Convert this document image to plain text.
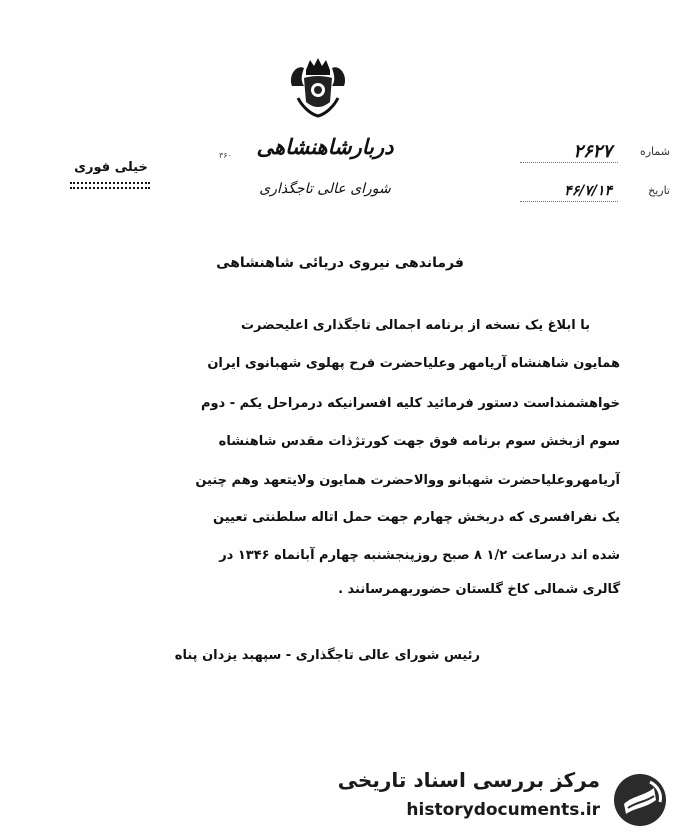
۳۶۰	دربارشاهنشاهی
شورای عالی تاجگذاری
خیلی فوری
شماره
۲۶۲۷
تاریخ
۴۶/۷/۱۴
فرماندهی نیروی دریائی شاهنشاهی
با ابلاغ یک نسخه از برنامه اجمالی تاجگذاری اعلیحضرت
همایون شاهنشاه آریامهر وعلیاحضرت فرح پهلوی شهبانوی ایران
خواهشمنداست دستور فرمائید کلیه افسرانیکه درمراحل یکم - دوم
سوم ازبخش سوم برنامه فوق جهت کورتژذات مقدس شاهنشاه
آریامهروعلیاحضرت شهبانو ووالاحضرت همایون ولایتعهد وهم چنین
یک نفرافسری که دربخش چهارم جهت حمل اتاله سلطنتی تعیین
شده اند درساعت ۱/۲ ۸ صبح روزپنجشنبه چهارم آبانماه ۱۳۴۶ در
گالری شمالی کاخ گلستان حضوربهمرسانند .
رئیس شورای عالی تاجگذاری - سپهبد یزدان پناه
مرکز بررسی اسناد تاریخی
historydocuments.ir
